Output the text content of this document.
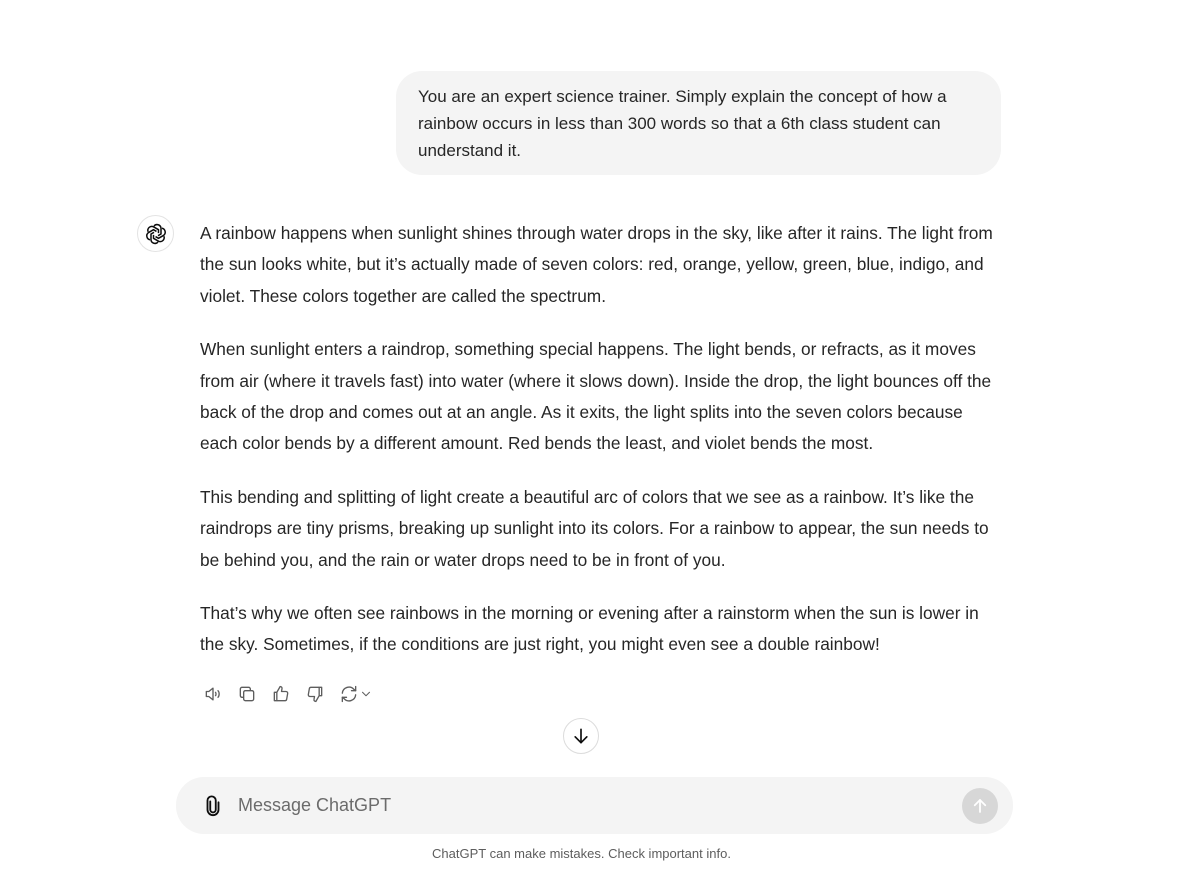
You are an expert science trainer. Simply explain the concept of how a rainbow occurs in less than 300 words so that a 6th class student can understand it.

A rainbow happens when sunlight shines through water drops in the sky, like after it rains. The light from the sun looks white, but it’s actually made of seven colors: red, orange, yellow, green, blue, indigo, and violet. These colors together are called the spectrum.

When sunlight enters a raindrop, something special happens. The light bends, or refracts, as it moves from air (where it travels fast) into water (where it slows down). Inside the drop, the light bounces off the back of the drop and comes out at an angle. As it exits, the light splits into the seven colors because each color bends by a different amount. Red bends the least, and violet bends the most.

This bending and splitting of light create a beautiful arc of colors that we see as a rainbow. It’s like the raindrops are tiny prisms, breaking up sunlight into its colors. For a rainbow to appear, the sun needs to be behind you, and the rain or water drops need to be in front of you.

That’s why we often see rainbows in the morning or evening after a rainstorm when the sun is lower in the sky. Sometimes, if the conditions are just right, you might even see a double rainbow!

Message ChatGPT
ChatGPT can make mistakes. Check important info.
